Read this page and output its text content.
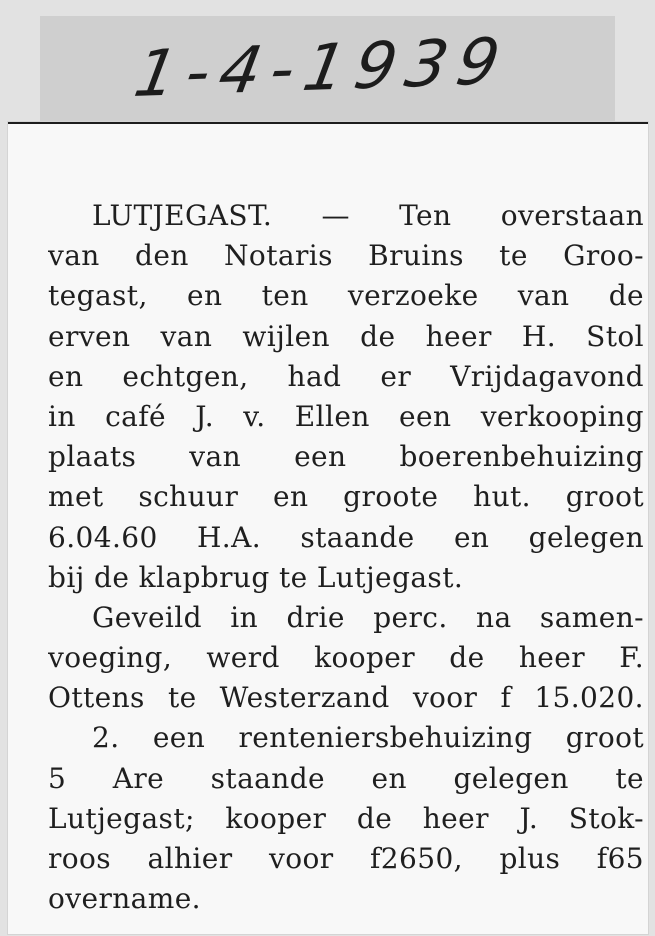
1-4-1939
LUTJEGAST. — Ten overstaan
van den Notaris Bruins te Groo-
tegast, en ten verzoeke van de
erven van wijlen de heer H. Stol
en echtgen, had er Vrijdagavond
in café J. v. Ellen een verkooping
plaats van een boerenbehuizing
met schuur en groote hut. groot
6.04.60 H.A. staande en gelegen
bij de klapbrug te Lutjegast.
Geveild in drie perc. na samen-
voeging, werd kooper de heer F.
Ottens te Westerzand voor f 15.020.
2. een renteniersbehuizing groot
5 Are staande en gelegen te
Lutjegast; kooper de heer J. Stok-
roos alhier voor f2650, plus f65
overname.
